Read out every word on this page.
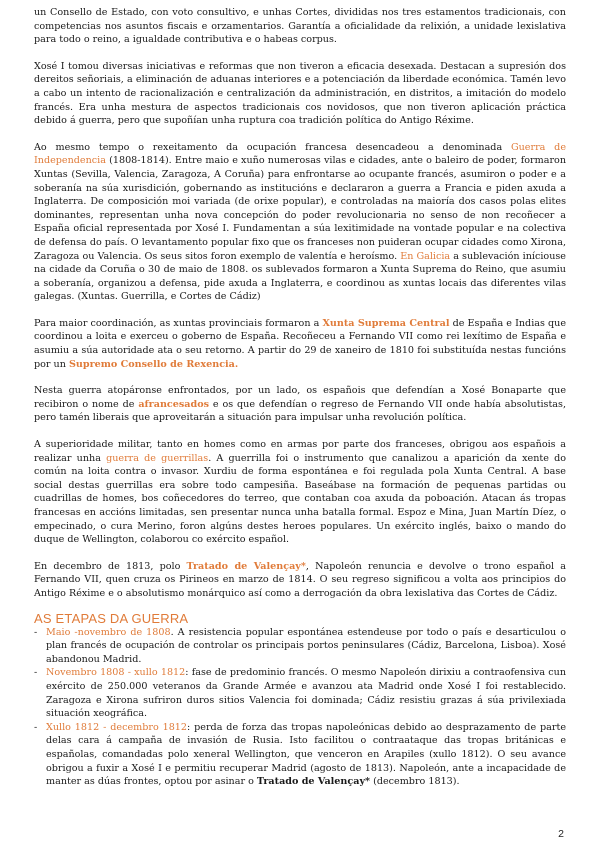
un Consello de Estado, con voto consultivo, e unhas Cortes, divididas nos tres estamentos tradicionais, con competencias nos asuntos fiscais e orzamentarios. Garantía a oficialidade da relixión, a unidade lexislativa para todo o reino, a igualdade contributiva e o habeas corpus.

Xosé I tomou diversas iniciativas e reformas que non tiveron a eficacia desexada. Destacan a supresión dos dereitos señoriais, a eliminación de aduanas interiores e a potenciación da liberdade económica. Tamén levo a cabo un intento de racionalización e centralización da administración, en distritos, a imitación do modelo francés. Era unha mestura de aspectos tradicionais cos novidosos, que non tiveron aplicación práctica debido á guerra, pero que supoñían unha ruptura coa tradición política do Antigo Réxime.

Ao mesmo tempo o rexeitamento da ocupación francesa desencadeou a denominada Guerra de Independencia (1808-1814). Entre maio e xuño numerosas vilas e cidades, ante o baleiro de poder, formaron Xuntas (Sevilla, Valencia, Zaragoza, A Coruña) para enfrontarse ao ocupante francés, asumiron o poder e a soberanía na súa xurisdición, gobernando as institucións e declararon a guerra a Francia e piden axuda a Inglaterra. De composición moi variada (de orixe popular), e controladas na maioría dos casos polas elites dominantes, representan unha nova concepción do poder revolucionaria no senso de non recoñecer a España oficial representada por Xosé I. Fundamentan a súa lexitimidade na vontade popular e na colectiva de defensa do país. O levantamento popular fixo que os franceses non puideran ocupar cidades como Xirona, Zaragoza ou Valencia. Os seus sitos foron exemplo de valentía e heroísmo. En Galicia a sublevación iníciouse na cidade da Coruña o 30 de maio de 1808. os sublevados formaron a Xunta Suprema do Reino, que asumiu a soberanía, organizou a defensa, pide axuda a Inglaterra, e coordinou as xuntas locais das diferentes vilas galegas. (Xuntas. Guerrilla, e Cortes de Cádiz)

Para maior coordinación, as xuntas provinciais formaron a Xunta Suprema Central de España e Indias que coordinou a loita e exerceu o goberno de España. Recoñeceu a Fernando VII como rei lexítimo de España e asumiu a súa autoridade ata o seu retorno. A partir do 29 de xaneiro de 1810 foi substituída nestas funcións por un Supremo Consello de Rexencia.

Nesta guerra atopáronse enfrontados, por un lado, os españois que defendían a Xosé Bonaparte que recibiron o nome de afrancesados e os que defendían o regreso de Fernando VII onde había absolutistas, pero tamén liberais que aproveitarán a situación para impulsar unha revolución política.

A superioridade militar, tanto en homes como en armas por parte dos franceses, obrigou aos españois a realizar unha guerra de guerrillas. A guerrilla foi o instrumento que canalizou a aparición da xente do común na loita contra o invasor. Xurdiu de forma espontánea e foi regulada pola Xunta Central. A base social destas guerrillas era sobre todo campesiña. Baseábase na formación de pequenas partidas ou cuadrillas de homes, bos coñecedores do terreo, que contaban coa axuda da poboación. Atacan ás tropas francesas en accións limitadas, sen presentar nunca unha batalla formal. Espoz e Mina, Juan Martín Díez, o empecinado, o cura Merino, foron algúns destes heroes populares. Un exército inglés, baixo o mando do duque de Wellington, colaborou co exército español.

En decembro de 1813, polo Tratado de Valençay*, Napoleón renuncia e devolve o trono español a Fernando VII, quen cruza os Pirineos en marzo de 1814. O seu regreso significou a volta aos principios do Antigo Réxime e o absolutismo monárquico así como a derrogación da obra lexislativa das Cortes de Cádiz.

AS ETAPAS DA GUERRA
- Maio -novembro de 1808. A resistencia popular espontánea estendeuse por todo o país e desarticulou o plan francés de ocupación de controlar os principais portos peninsulares (Cádiz, Barcelona, Lisboa). Xosé abandonou Madrid.
- Novembro 1808 - xullo 1812: fase de predominio francés. O mesmo Napoleón dirixiu a contraofensiva cun exército de 250.000 veteranos da Grande Armée e avanzou ata Madrid onde Xosé I foi restablecido. Zaragoza e Xirona sufriron duros sitios Valencia foi dominada; Cádiz resistiu grazas á súa privilexiada situación xeográfica.
- Xullo 1812 - decembro 1812: perda de forza das tropas napoleónicas debido ao desprazamento de parte delas cara á campaña de invasión de Rusia. Isto facilitou o contraataque das tropas británicas e españolas, comandadas polo xeneral Wellington, que venceron en Arapiles (xullo 1812). O seu avance obrigou a fuxir a Xosé I e permitiu recuperar Madrid (agosto de 1813). Napoleón, ante a incapacidade de manter as dúas frontes, optou por asinar o Tratado de Valençay* (decembro 1813).
2
